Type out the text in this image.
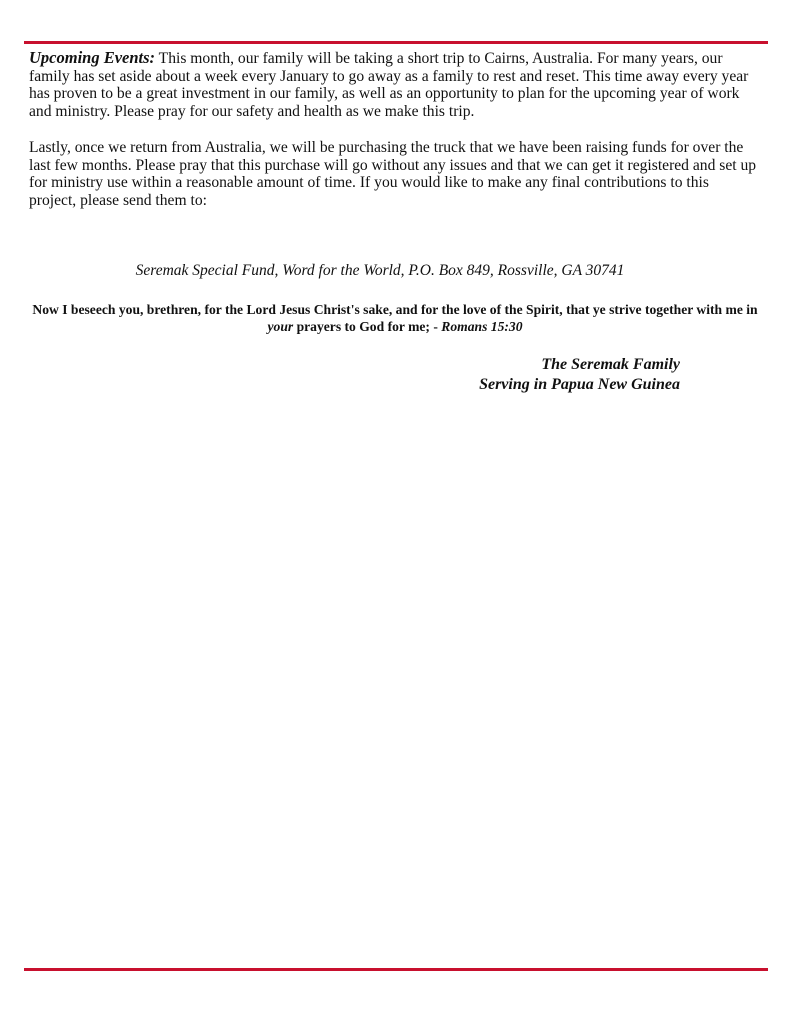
Upcoming Events: This month, our family will be taking a short trip to Cairns, Australia. For many years, our family has set aside about a week every January to go away as a family to rest and reset. This time away every year has proven to be a great investment in our family, as well as an opportunity to plan for the upcoming year of work and ministry. Please pray for our safety and health as we make this trip.

Lastly, once we return from Australia, we will be purchasing the truck that we have been raising funds for over the last few months. Please pray that this purchase will go without any issues and that we can get it registered and set up for ministry use within a reasonable amount of time. If you would like to make any final contributions to this project, please send them to:

Seremak Special Fund, Word for the World, P.O. Box 849, Rossville, GA 30741

Now I beseech you, brethren, for the Lord Jesus Christ's sake, and for the love of the Spirit, that ye strive together with me in your prayers to God for me; - Romans 15:30

The Seremak Family
Serving in Papua New Guinea
